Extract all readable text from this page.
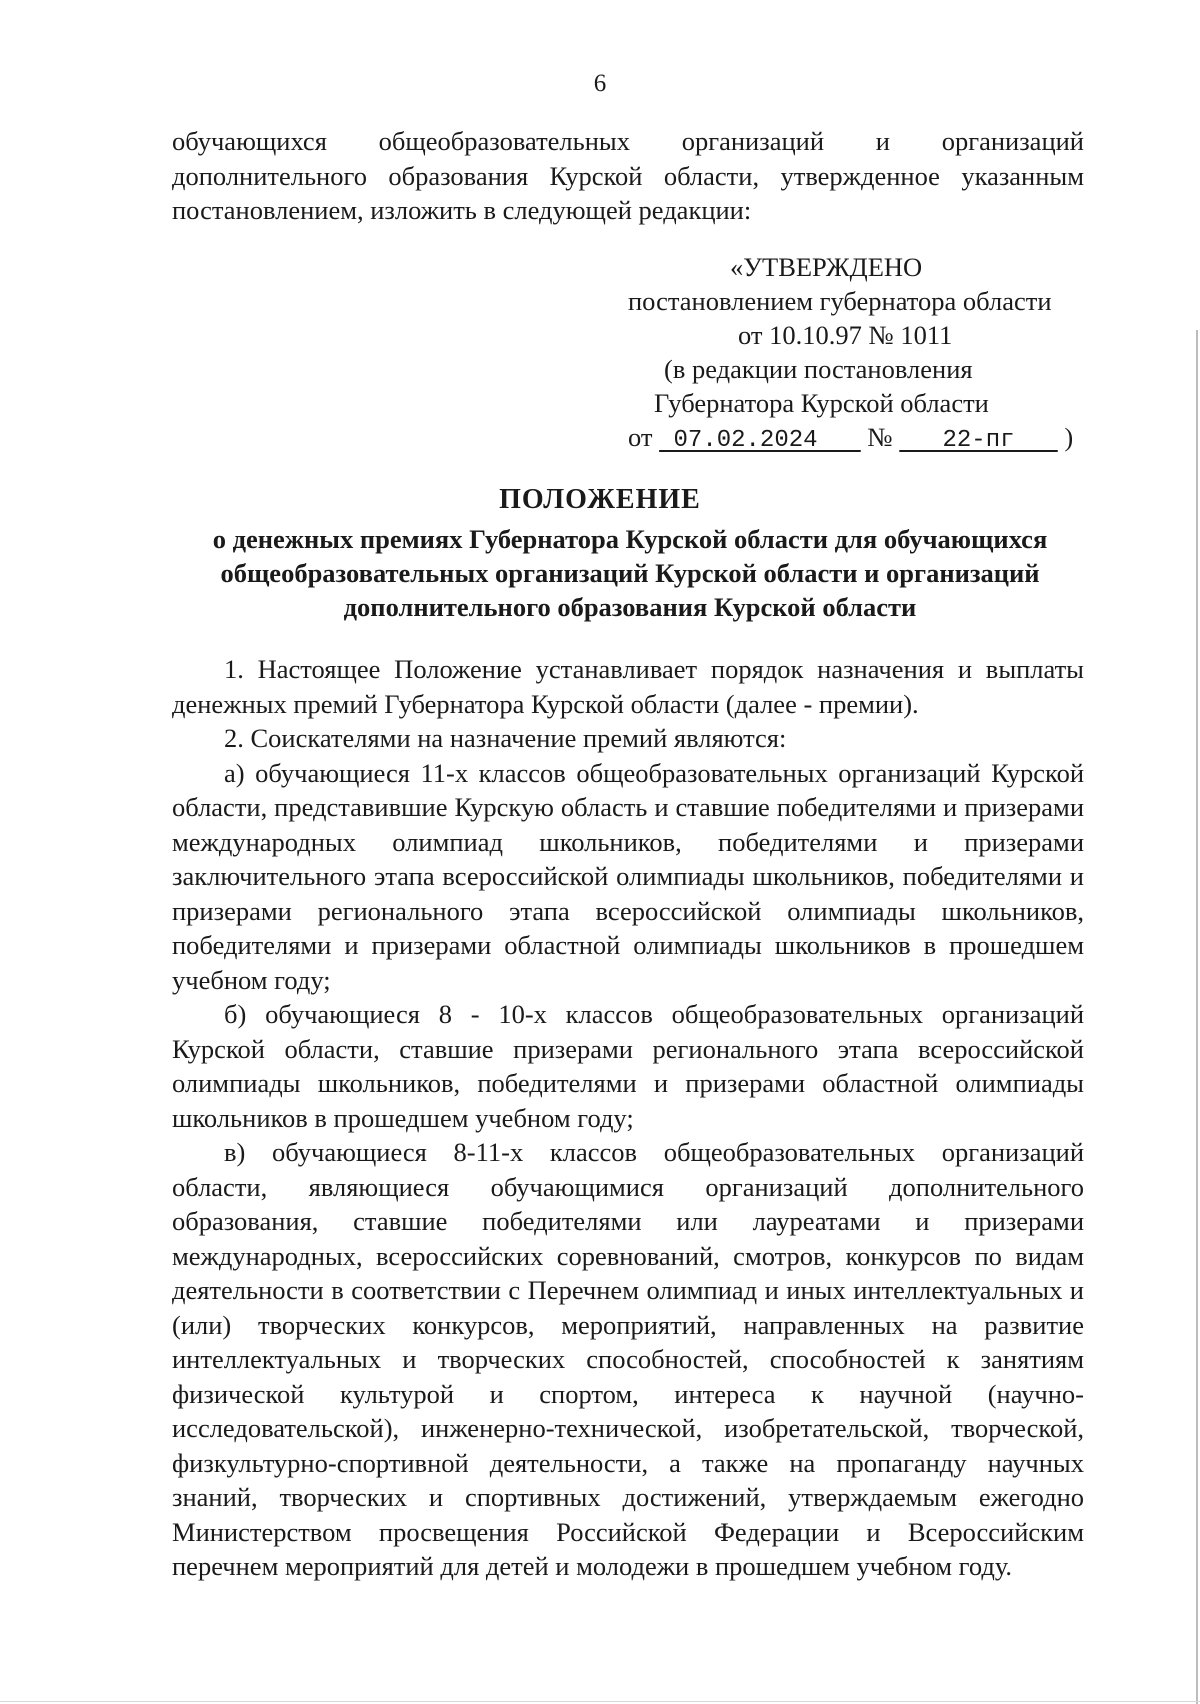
6
обучающихся общеобразовательных организаций и организаций дополнительного образования Курской области, утвержденное указанным постановлением, изложить в следующей редакции:
«УТВЕРЖДЕНО
постановлением губернатора области
от 10.10.97 № 1011
(в редакции постановления
Губернатора Курской области
от  07.02.2024    №    22-пг    )
ПОЛОЖЕНИЕ
о денежных премиях Губернатора Курской области для обучающихся общеобразовательных организаций Курской области и организаций дополнительного образования Курской области

1. Настоящее Положение устанавливает порядок назначения и выплаты денежных премий Губернатора Курской области (далее - премии).

2. Соискателями на назначение премий являются:

а) обучающиеся 11-х классов общеобразовательных организаций Курской области, представившие Курскую область и ставшие победителями и призерами международных олимпиад школьников, победителями и призерами заключительного этапа всероссийской олимпиады школьников, победителями и призерами регионального этапа всероссийской олимпиады школьников, победителями и призерами областной олимпиады школьников в прошедшем учебном году;

б) обучающиеся 8 - 10-х классов общеобразовательных организаций Курской области, ставшие призерами регионального этапа всероссийской олимпиады школьников, победителями и призерами областной олимпиады школьников в прошедшем учебном году;

в) обучающиеся 8-11-х классов общеобразовательных организаций области, являющиеся обучающимися организаций дополнительного образования, ставшие победителями или лауреатами и призерами международных, всероссийских соревнований, смотров, конкурсов по видам деятельности в соответствии с Перечнем олимпиад и иных интеллектуальных и (или) творческих конкурсов, мероприятий, направленных на развитие интеллектуальных и творческих способностей, способностей к занятиям физической культурой и спортом, интереса к научной (научно-исследовательской), инженерно-технической, изобретательской, творческой, физкультурно-спортивной деятельности, а также на пропаганду научных знаний, творческих и спортивных достижений, утверждаемым ежегодно Министерством просвещения Российской Федерации и Всероссийским перечнем мероприятий для детей и молодежи в прошедшем учебном году.
